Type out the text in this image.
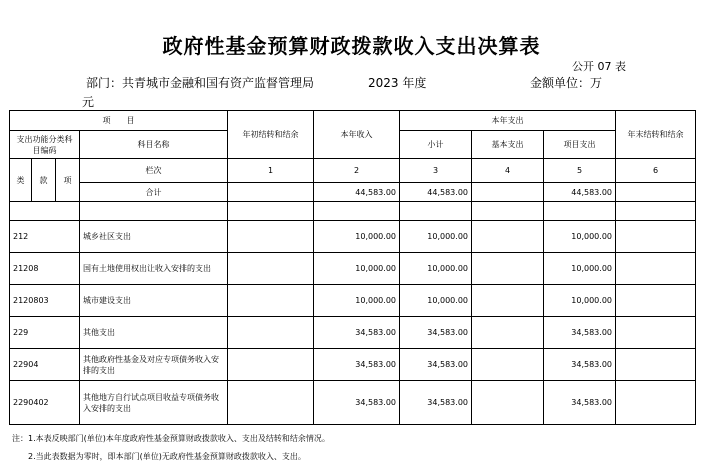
政府性基金预算财政拨款收入支出决算表
公开 07 表
部门：共青城市金融和国有资产监督管理局	2023 年度	金额单位：万
元
项　　目				年初结转和结余	本年收入	本年支出			年末结转和结余
支出功能分类科目编码			科目名称			小计	基本支出	项目支出	

类	款	项	栏次	1	2	3	4	5	6
			合计		44,583.00	44,583.00		44,583.00	

212			城乡社区支出		10,000.00	10,000.00		10,000.00	
21208			国有土地使用权出让收入安排的支出		10,000.00	10,000.00		10,000.00	
2120803			城市建设支出		10,000.00	10,000.00		10,000.00	
229			其他支出		34,583.00	34,583.00		34,583.00	
22904			其他政府性基金及对应专项债务收入安排的支出		34,583.00	34,583.00		34,583.00	
2290402			其他地方自行试点项目收益专项债务收入安排的支出		34,583.00	34,583.00		34,583.00	
注：1.本表反映部门(单位)本年度政府性基金预算财政拨款收入、支出及结转和结余情况。
　　2.当此表数据为零时，即本部门(单位)无政府性基金预算财政拨款收入、支出。
